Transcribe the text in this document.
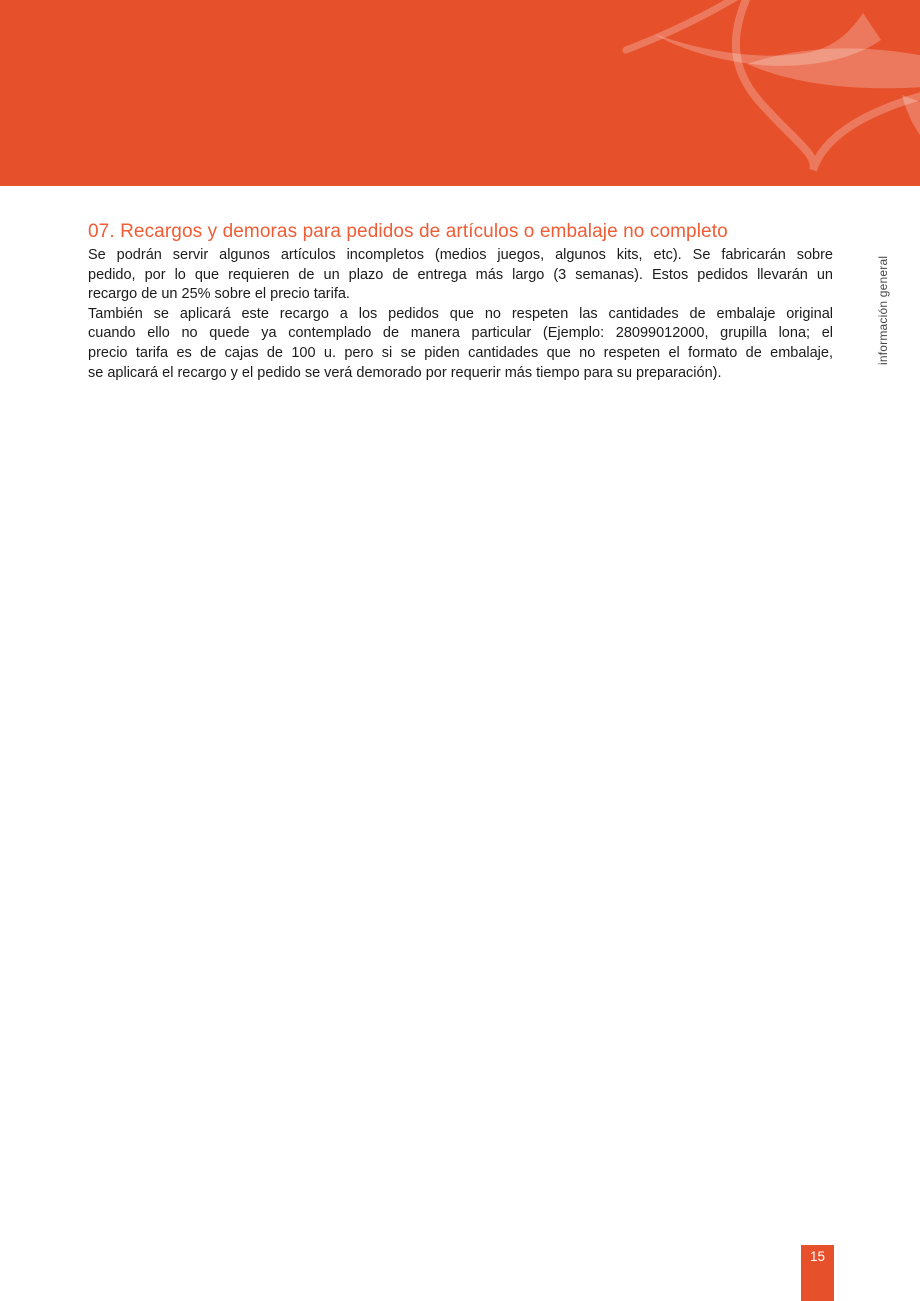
07. Recargos y demoras para pedidos de artículos o embalaje no completo
Se podrán servir algunos artículos incompletos (medios juegos, algunos kits, etc). Se fabricarán sobre
pedido, por lo que requieren de un plazo de entrega más largo (3 semanas). Estos pedidos llevarán un
recargo de un 25% sobre el precio tarifa.
También se aplicará este recargo a los pedidos que no respeten las cantidades de embalaje original
cuando ello no quede ya contemplado de manera particular (Ejemplo: 28099012000, grupilla lona; el
precio tarifa es de cajas de 100 u. pero si se piden cantidades que no respeten el formato de embalaje,
se aplicará el recargo y el pedido se verá demorado por requerir más tiempo para su preparación).
información general
15
